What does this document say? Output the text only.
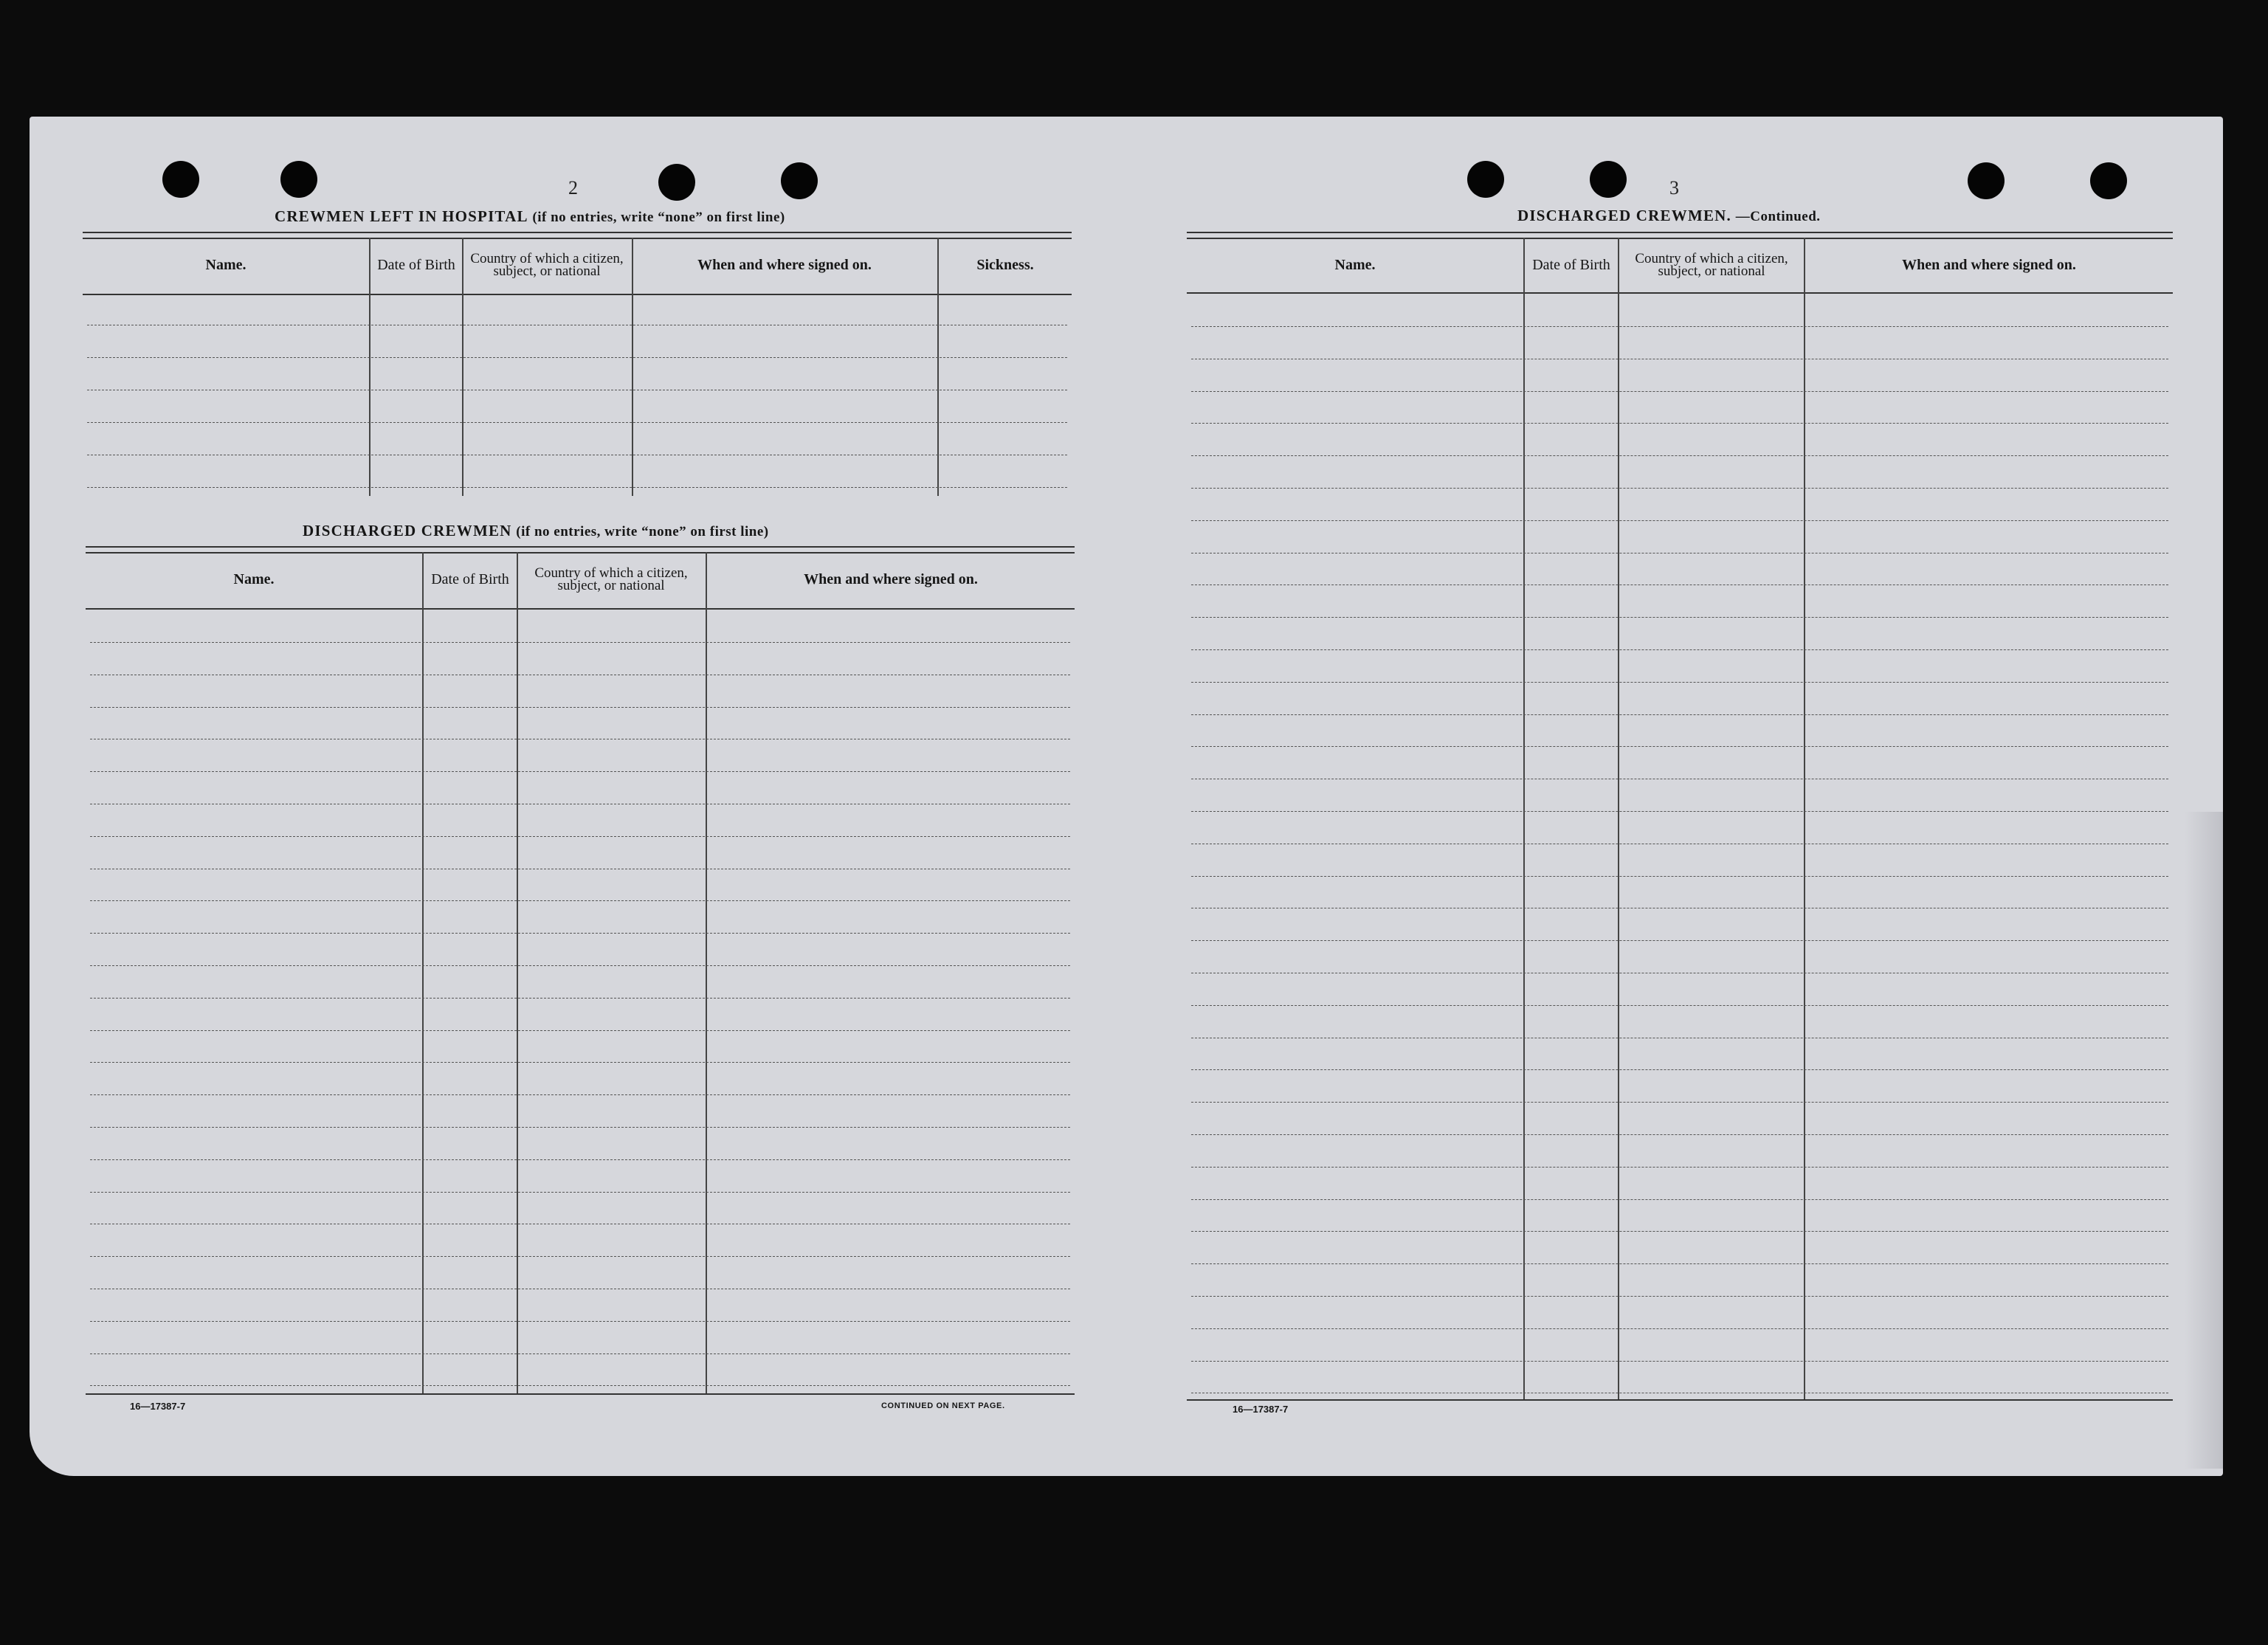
2
CREWMEN LEFT IN HOSPITAL (if no entries, write “none” on first line)
Name.	Date of Birth	Country of which a citizen, subject, or national	When and where signed on.	Sickness.
DISCHARGED CREWMEN (if no entries, write “none” on first line)
Name.	Date of Birth	Country of which a citizen, subject, or national	When and where signed on.
16—17387-7	CONTINUED ON NEXT PAGE.
3
DISCHARGED CREWMEN. —Continued.
Name.	Date of Birth	Country of which a citizen, subject, or national	When and where signed on.
16—17387-7
